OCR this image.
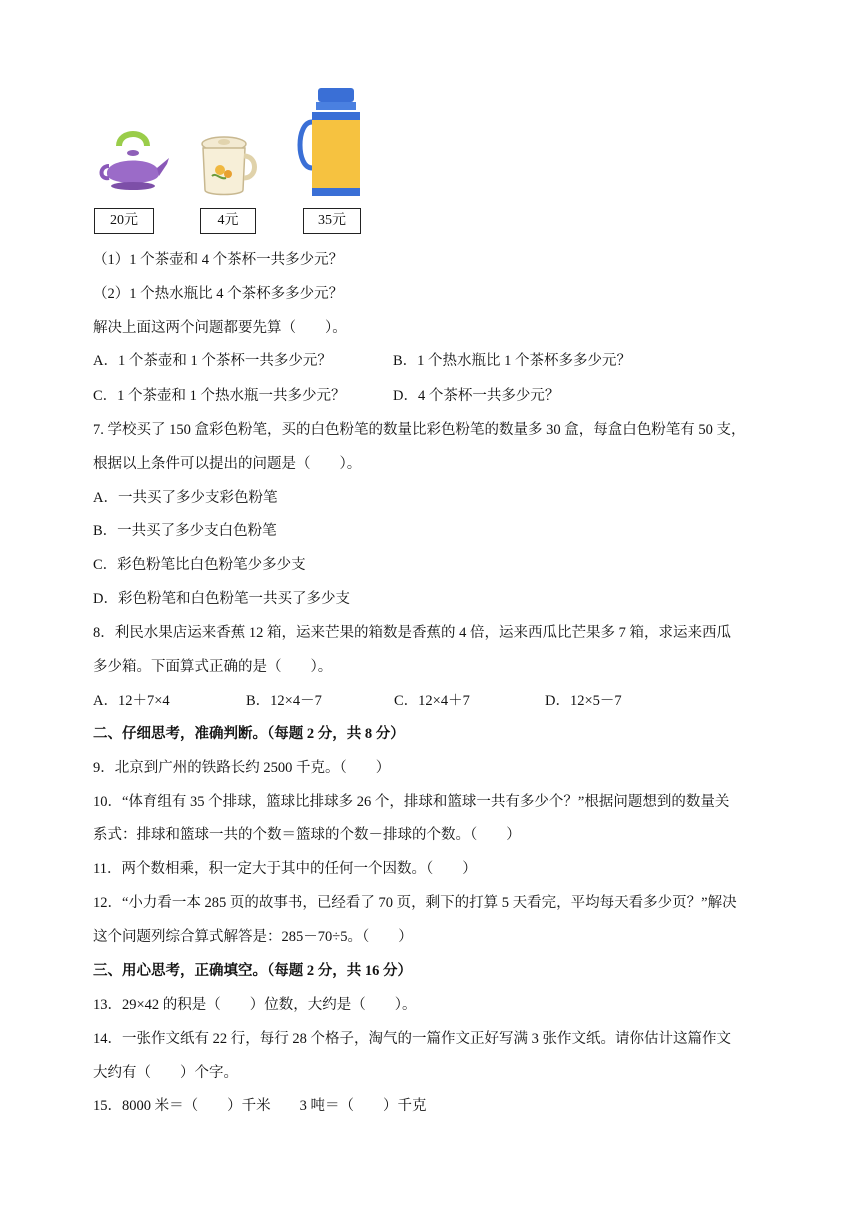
20元	4元	35元
（1）1 个茶壶和 4 个茶杯一共多少元？
（2）1 个热水瓶比 4 个茶杯多多少元？
解决上面这两个问题都要先算（　　）。
A．1 个茶壶和 1 个茶杯一共多少元？	B．1 个热水瓶比 1 个茶杯多多少元？
C．1 个茶壶和 1 个热水瓶一共多少元？	D．4 个茶杯一共多少元？
7. 学校买了 150 盒彩色粉笔，买的白色粉笔的数量比彩色粉笔的数量多 30 盒，每盒白色粉笔有 50 支，
根据以上条件可以提出的问题是（　　）。
A．一共买了多少支彩色粉笔
B．一共买了多少支白色粉笔
C．彩色粉笔比白色粉笔少多少支
D．彩色粉笔和白色粉笔一共买了多少支
8．利民水果店运来香蕉 12 箱，运来芒果的箱数是香蕉的 4 倍，运来西瓜比芒果多 7 箱，求运来西瓜
多少箱。下面算式正确的是（　　）。
A．12＋7×4	B．12×4－7	C．12×4＋7	D．12×5－7
二、仔细思考，准确判断。（每题 2 分，共 8 分）
9．北京到广州的铁路长约 2500 千克。（　　）
10．“体育组有 35 个排球，篮球比排球多 26 个，排球和篮球一共有多少个？”根据问题想到的数量关
系式：排球和篮球一共的个数＝篮球的个数－排球的个数。（　　）
11．两个数相乘，积一定大于其中的任何一个因数。（　　）
12．“小力看一本 285 页的故事书，已经看了 70 页，剩下的打算 5 天看完，平均每天看多少页？”解决
这个问题列综合算式解答是：285－70÷5。（　　）
三、用心思考，正确填空。（每题 2 分，共 16 分）
13．29×42 的积是（　　）位数，大约是（　　）。
14．一张作文纸有 22 行，每行 28 个格子，淘气的一篇作文正好写满 3 张作文纸。请你估计这篇作文
大约有（　　）个字。
15．8000 米＝（　　）千米　　3 吨＝（　　）千克
